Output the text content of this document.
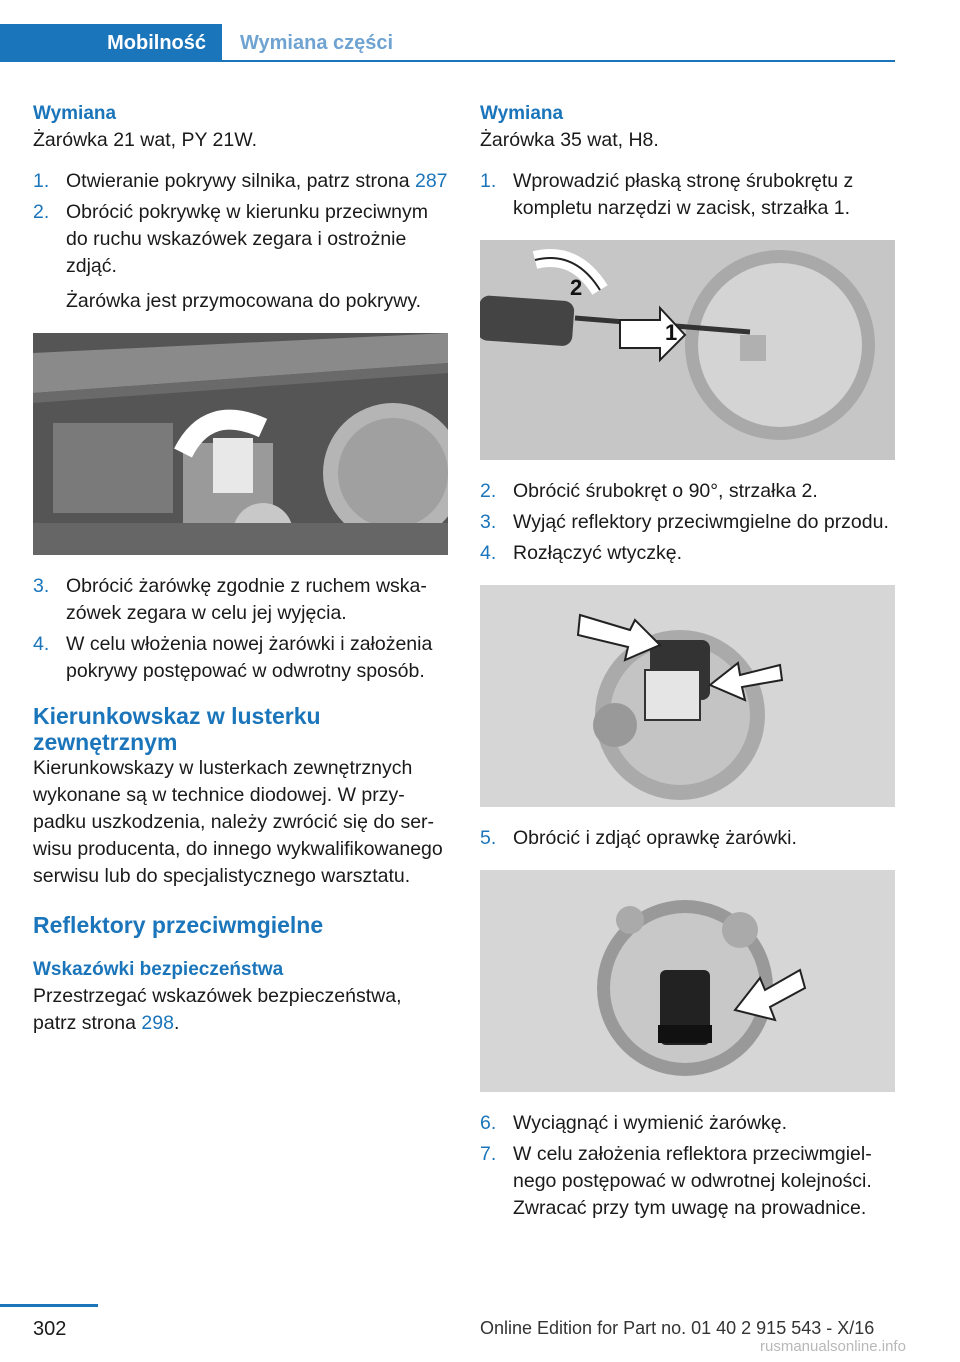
Mobilność Wymiana części

Wymiana

Żarówka 21 wat, PY 21W.

1. Otwieranie pokrywy silnika, patrz strona 287
2. Obrócić pokrywkę w kierunku przeciwnym do ruchu wskazówek zegara i ostrożnie zdjąć.

Żarówka jest przymocowana do pokrywy.

3. Obrócić żarówkę zgodnie z ruchem wskazówek zegara w celu jej wyjęcia.
4. W celu włożenia nowej żarówki i założenia pokrywy postępować w odwrotny sposób.

Kierunkowskaz w lusterku zewnętrznym

Kierunkowskazy w lusterkach zewnętrznych wykonane są w technice diodowej. W przypadku uszkodzenia, należy zwrócić się do serwisu producenta, do innego wykwalifikowanego serwisu lub do specjalistycznego warsztatu.

Reflektory przeciwmgielne

Wskazówki bezpieczeństwa

Przestrzegać wskazówek bezpieczeństwa, patrz strona 298.

Wymiana

Żarówka 35 wat, H8.

1. Wprowadzić płaską stronę śrubokrętu z kompletu narzędzi w zacisk, strzałka 1.
1
2
2. Obrócić śrubokręt o 90°, strzałka 2.
3. Wyjąć reflektory przeciwmgielne do przodu.
4. Rozłączyć wtyczkę.
5. Obrócić i zdjąć oprawkę żarówki.
6. Wyciągnąć i wymienić żarówkę.
7. W celu założenia reflektora przeciwmgielnego postępować w odwrotnej kolejności. Zwracać przy tym uwagę na prowadnice.
302	Online Edition for Part no. 01 40 2 915 543 - X/16
rusmanualsonline.info
